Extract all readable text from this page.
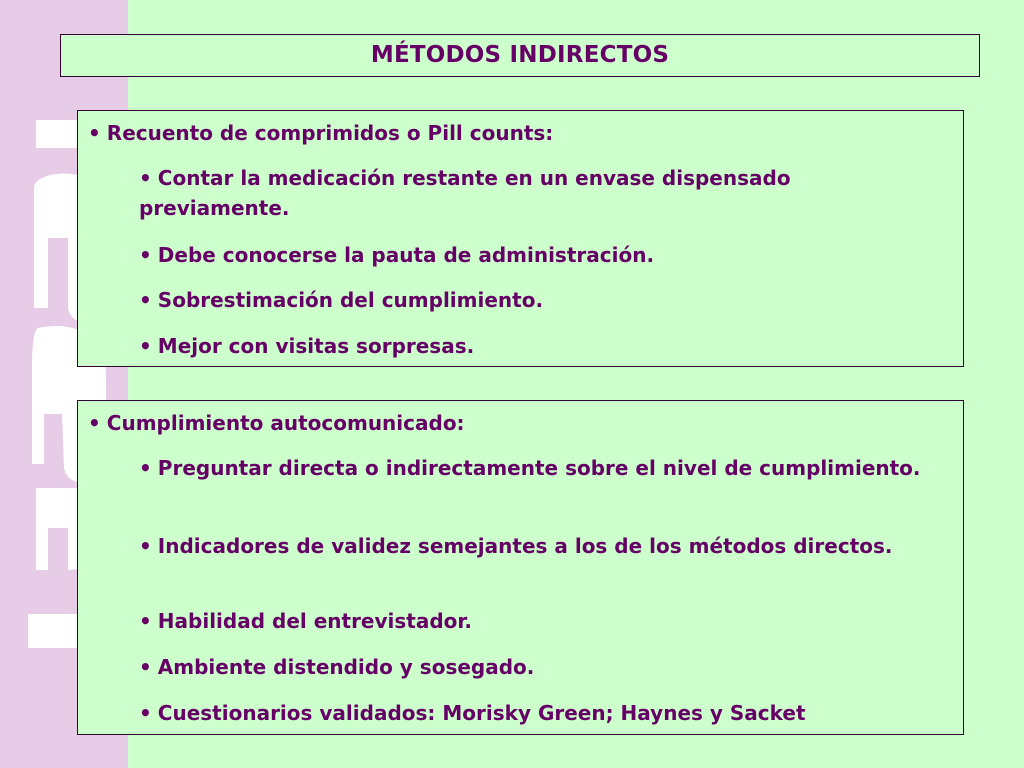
MÉTODOS INDIRECTOS
• Recuento de comprimidos o Pill counts:
• Contar la medicación restante en un envase dispensado previamente.
• Debe conocerse la pauta de administración.
• Sobrestimación del cumplimiento.
• Mejor con visitas sorpresas.
• Cumplimiento autocomunicado:
• Preguntar directa o indirectamente sobre el nivel de cumplimiento.
• Indicadores de validez semejantes a los de los métodos directos.
• Habilidad del entrevistador.
• Ambiente distendido y sosegado.
• Cuestionarios validados: Morisky Green; Haynes y Sacket
